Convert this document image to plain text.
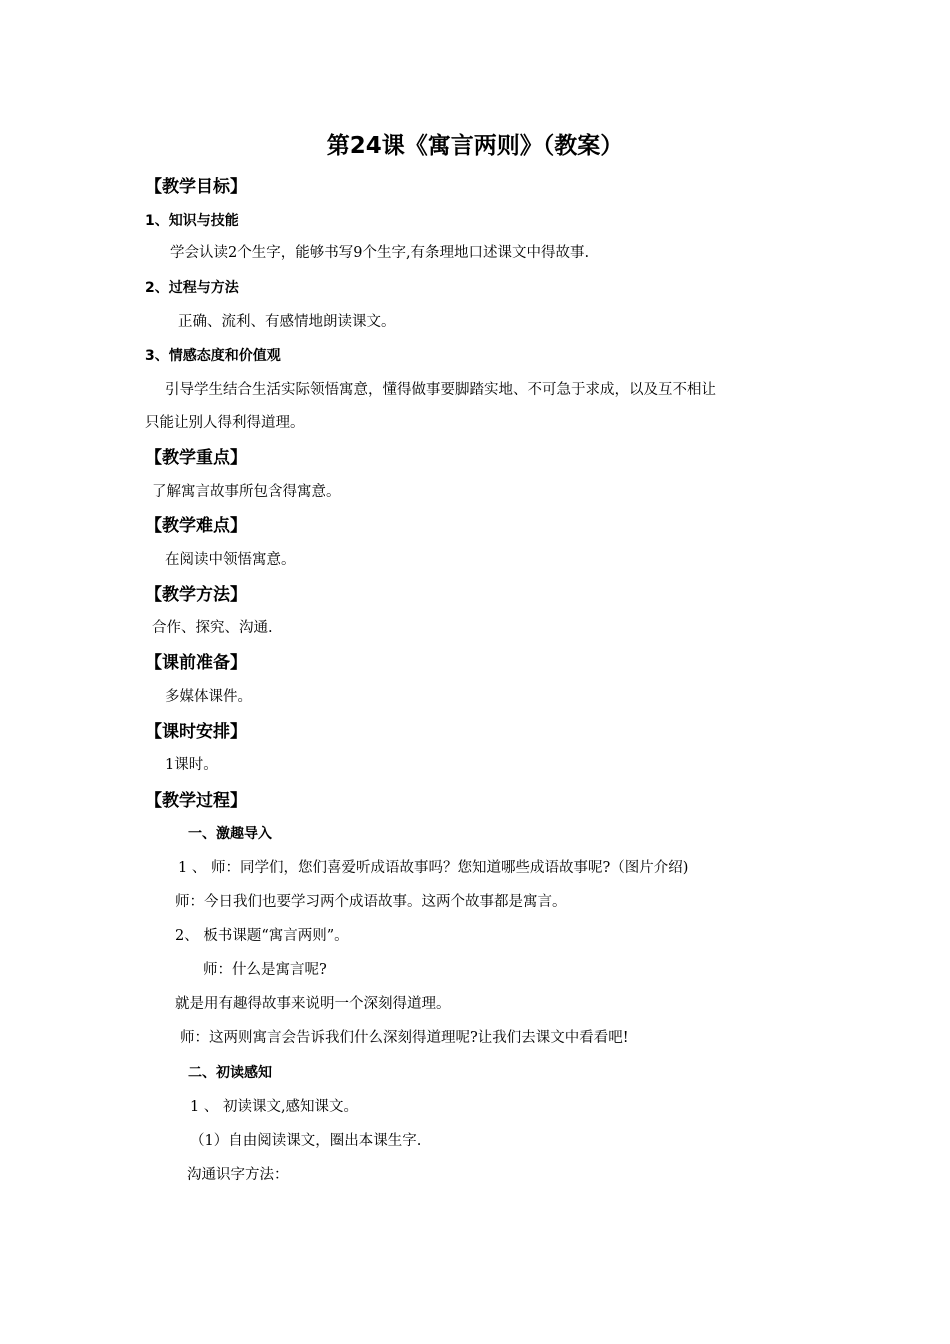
第24课《寓言两则》（教案）
【教学目标】
1、知识与技能
学会认读2个生字，能够书写9个生字,有条理地口述课文中得故事.
2、过程与方法
正确、流利、有感情地朗读课文。
3、情感态度和价值观
引导学生结合生活实际领悟寓意，懂得做事要脚踏实地、不可急于求成，以及互不相让
只能让别人得利得道理。
【教学重点】
了解寓言故事所包含得寓意。
【教学难点】
在阅读中领悟寓意。
【教学方法】
合作、探究、沟通.
【课前准备】
多媒体课件。
【课时安排】
1课时。
【教学过程】
一、激趣导入
1 、 师：同学们，您们喜爱听成语故事吗？您知道哪些成语故事呢?（图片介绍)
师：今日我们也要学习两个成语故事。这两个故事都是寓言。
2、 板书课题“寓言两则”。
师：什么是寓言呢?
就是用有趣得故事来说明一个深刻得道理。
师：这两则寓言会告诉我们什么深刻得道理呢?让我们去课文中看看吧!
二、初读感知
1 、 初读课文,感知课文。
（1）自由阅读课文，圈出本课生字.
沟通识字方法：
